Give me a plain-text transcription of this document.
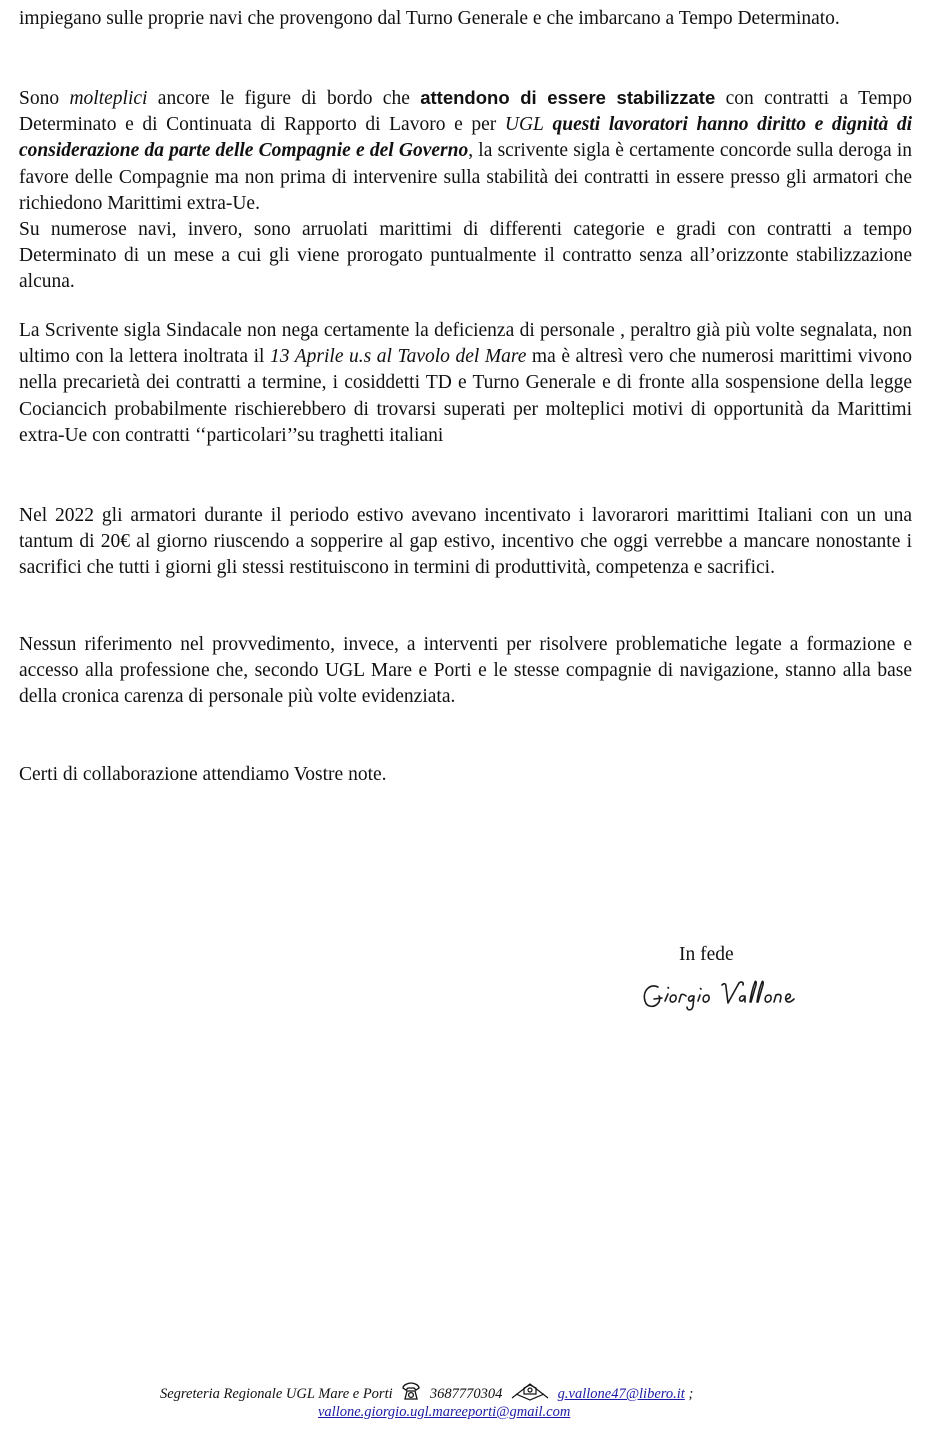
impiegano sulle proprie navi che provengono dal Turno Generale e che imbarcano a Tempo Determinato.

Sono molteplici ancore le figure di bordo che attendono di essere stabilizzate con contratti a Tempo Determinato e di Continuata di Rapporto di Lavoro e per UGL questi lavoratori hanno diritto e dignità di considerazione da parte delle Compagnie e del Governo, la scrivente sigla è certamente concorde sulla deroga in favore delle Compagnie ma non prima di intervenire sulla stabilità dei contratti in essere presso gli armatori che richiedono Marittimi extra-Ue.
Su numerose navi, invero, sono arruolati marittimi di differenti categorie e gradi con contratti a tempo Determinato di un mese a cui gli viene prorogato puntualmente il contratto senza all’orizzonte stabilizzazione alcuna.

La Scrivente sigla Sindacale non nega certamente la deficienza di personale , peraltro già più volte segnalata, non ultimo con la lettera inoltrata il 13 Aprile u.s al Tavolo del Mare ma è altresì vero che numerosi marittimi vivono nella precarietà dei contratti a termine, i cosiddetti TD e Turno Generale e di fronte alla sospensione della legge Cociancich probabilmente rischierebbero di trovarsi superati per molteplici motivi di opportunità da Marittimi extra-Ue con contratti ‘‘particolari’’su traghetti italiani

Nel 2022 gli armatori durante il periodo estivo avevano incentivato i lavorarori marittimi Italiani con un una tantum di 20€ al giorno riuscendo a sopperire al gap estivo, incentivo che oggi verrebbe a mancare nonostante i sacrifici che tutti i giorni gli stessi restituiscono in termini di produttività, competenza e sacrifici.

Nessun riferimento nel provvedimento, invece, a interventi per risolvere problematiche legate a formazione e accesso alla professione che, secondo UGL Mare e Porti e le stesse compagnie di navigazione, stanno alla base della cronica carenza di personale più volte evidenziata.

Certi di collaborazione attendiamo Vostre note.

In fede

Segreteria Regionale UGL Mare e Porti	3687770304	g.vallone47@libero.it ;
vallone.giorgio.ugl.mareeporti@gmail.com
